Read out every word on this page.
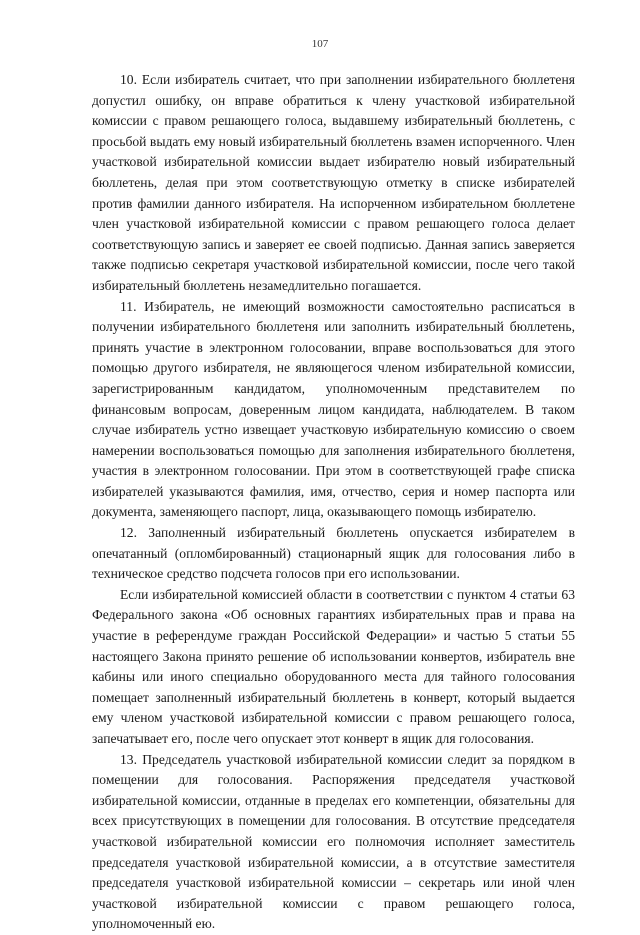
107

10. Если избиратель считает, что при заполнении избирательного бюллетеня допустил ошибку, он вправе обратиться к члену участковой избирательной комиссии с правом решающего голоса, выдавшему избирательный бюллетень, с просьбой выдать ему новый избирательный бюллетень взамен испорченного. Член участковой избирательной комиссии выдает избирателю новый избирательный бюллетень, делая при этом соответствующую отметку в списке избирателей против фамилии данного избирателя. На испорченном избирательном бюллетене член участковой избирательной комиссии с правом решающего голоса делает соответствующую запись и заверяет ее своей подписью. Данная запись заверяется также подписью секретаря участковой избирательной комиссии, после чего такой избирательный бюллетень незамедлительно погашается.

11. Избиратель, не имеющий возможности самостоятельно расписаться в получении избирательного бюллетеня или заполнить избирательный бюллетень, принять участие в электронном голосовании, вправе воспользоваться для этого помощью другого избирателя, не являющегося членом избирательной комиссии, зарегистрированным кандидатом, уполномоченным представителем по финансовым вопросам, доверенным лицом кандидата, наблюдателем. В таком случае избиратель устно извещает участковую избирательную комиссию о своем намерении воспользоваться помощью для заполнения избирательного бюллетеня, участия в электронном голосовании. При этом в соответствующей графе списка избирателей указываются фамилия, имя, отчество, серия и номер паспорта или документа, заменяющего паспорт, лица, оказывающего помощь избирателю.

12. Заполненный избирательный бюллетень опускается избирателем в опечатанный (опломбированный) стационарный ящик для голосования либо в техническое средство подсчета голосов при его использовании.

Если избирательной комиссией области в соответствии с пунктом 4 статьи 63 Федерального закона «Об основных гарантиях избирательных прав и права на участие в референдуме граждан Российской Федерации» и частью 5 статьи 55 настоящего Закона принято решение об использовании конвертов, избиратель вне кабины или иного специально оборудованного места для тайного голосования помещает заполненный избирательный бюллетень в конверт, который выдается ему членом участковой избирательной комиссии с правом решающего голоса, запечатывает его, после чего опускает этот конверт в ящик для голосования.

13. Председатель участковой избирательной комиссии следит за порядком в помещении для голосования. Распоряжения председателя участковой избирательной комиссии, отданные в пределах его компетенции, обязательны для всех присутствующих в помещении для голосования. В отсутствие председателя участковой избирательной комиссии его полномочия исполняет заместитель председателя участковой избирательной комиссии, а в отсутствие заместителя председателя участковой избирательной комиссии – секретарь или иной член участковой избирательной комиссии с правом решающего голоса, уполномоченный ею.
